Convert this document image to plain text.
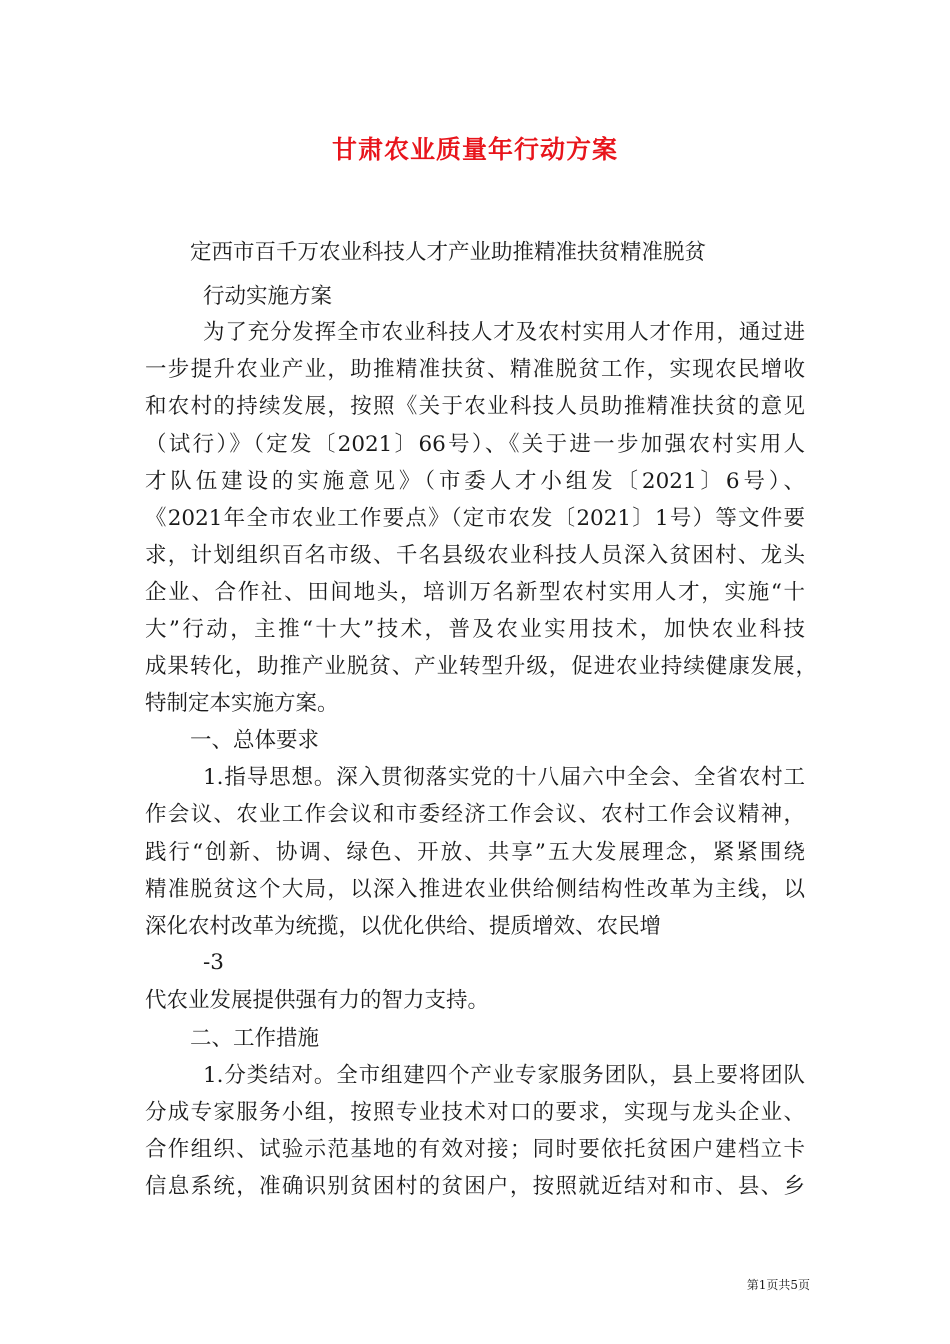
甘肃农业质量年行动方案
定西市百千万农业科技人才产业助推精准扶贫精准脱贫
行动实施方案
为了充分发挥全市农业科技人才及农村实用人才作用，通过进
一步提升农业产业，助推精准扶贫、精准脱贫工作，实现农民增收
和农村的持续发展，按照《关于农业科技人员助推精准扶贫的意见
（试行）》（定发〔2021〕66号）、《关于进一步加强农村实用人
才队伍建设的实施意见》（市委人才小组发〔2021〕6号）、
《2021年全市农业工作要点》（定市农发〔2021〕1号）等文件要
求，计划组织百名市级、千名县级农业科技人员深入贫困村、龙头
企业、合作社、田间地头，培训万名新型农村实用人才，实施“十
大”行动，主推“十大”技术，普及农业实用技术，加快农业科技
成果转化，助推产业脱贫、产业转型升级，促进农业持续健康发展，
特制定本实施方案。
一、总体要求
1.指导思想。深入贯彻落实党的十八届六中全会、全省农村工
作会议、农业工作会议和市委经济工作会议、农村工作会议精神，
践行“创新、协调、绿色、开放、共享”五大发展理念，紧紧围绕
精准脱贫这个大局，以深入推进农业供给侧结构性改革为主线，以
深化农村改革为统揽，以优化供给、提质增效、农民增
-3
代农业发展提供强有力的智力支持。
二、工作措施
1.分类结对。全市组建四个产业专家服务团队，县上要将团队
分成专家服务小组，按照专业技术对口的要求，实现与龙头企业、
合作组织、试验示范基地的有效对接；同时要依托贫困户建档立卡
信息系统，准确识别贫困村的贫困户，按照就近结对和市、县、乡
第1页共5页
